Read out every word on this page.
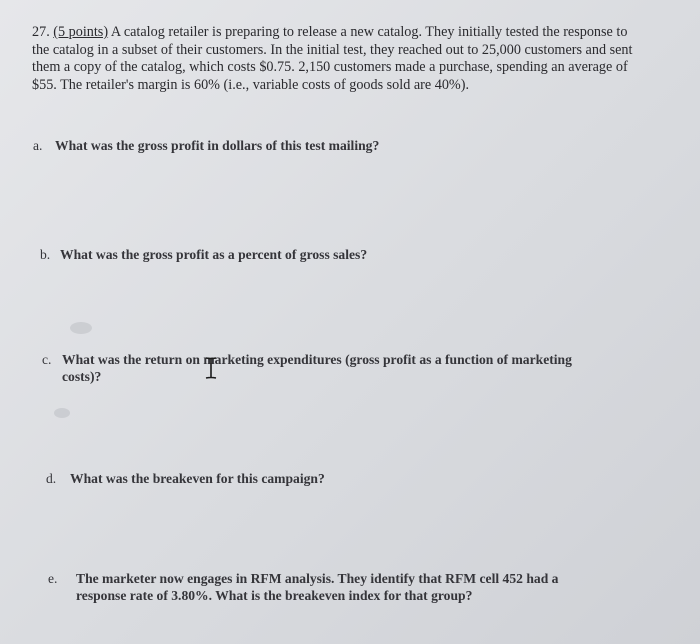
27. (5 points) A catalog retailer is preparing to release a new catalog. They initially tested the response to the catalog in a subset of their customers. In the initial test, they reached out to 25,000 customers and sent them a copy of the catalog, which costs $0.75. 2,150 customers made a purchase, spending an average of $55. The retailer's margin is 60% (i.e., variable costs of goods sold are 40%).

a. What was the gross profit in dollars of this test mailing?

b. What was the gross profit as a percent of gross sales?

c. What was the return on marketing expenditures (gross profit as a function of marketing
costs)?

d. What was the breakeven for this campaign?

e. The marketer now engages in RFM analysis. They identify that RFM cell 452 had a
response rate of 3.80%. What is the breakeven index for that group?
